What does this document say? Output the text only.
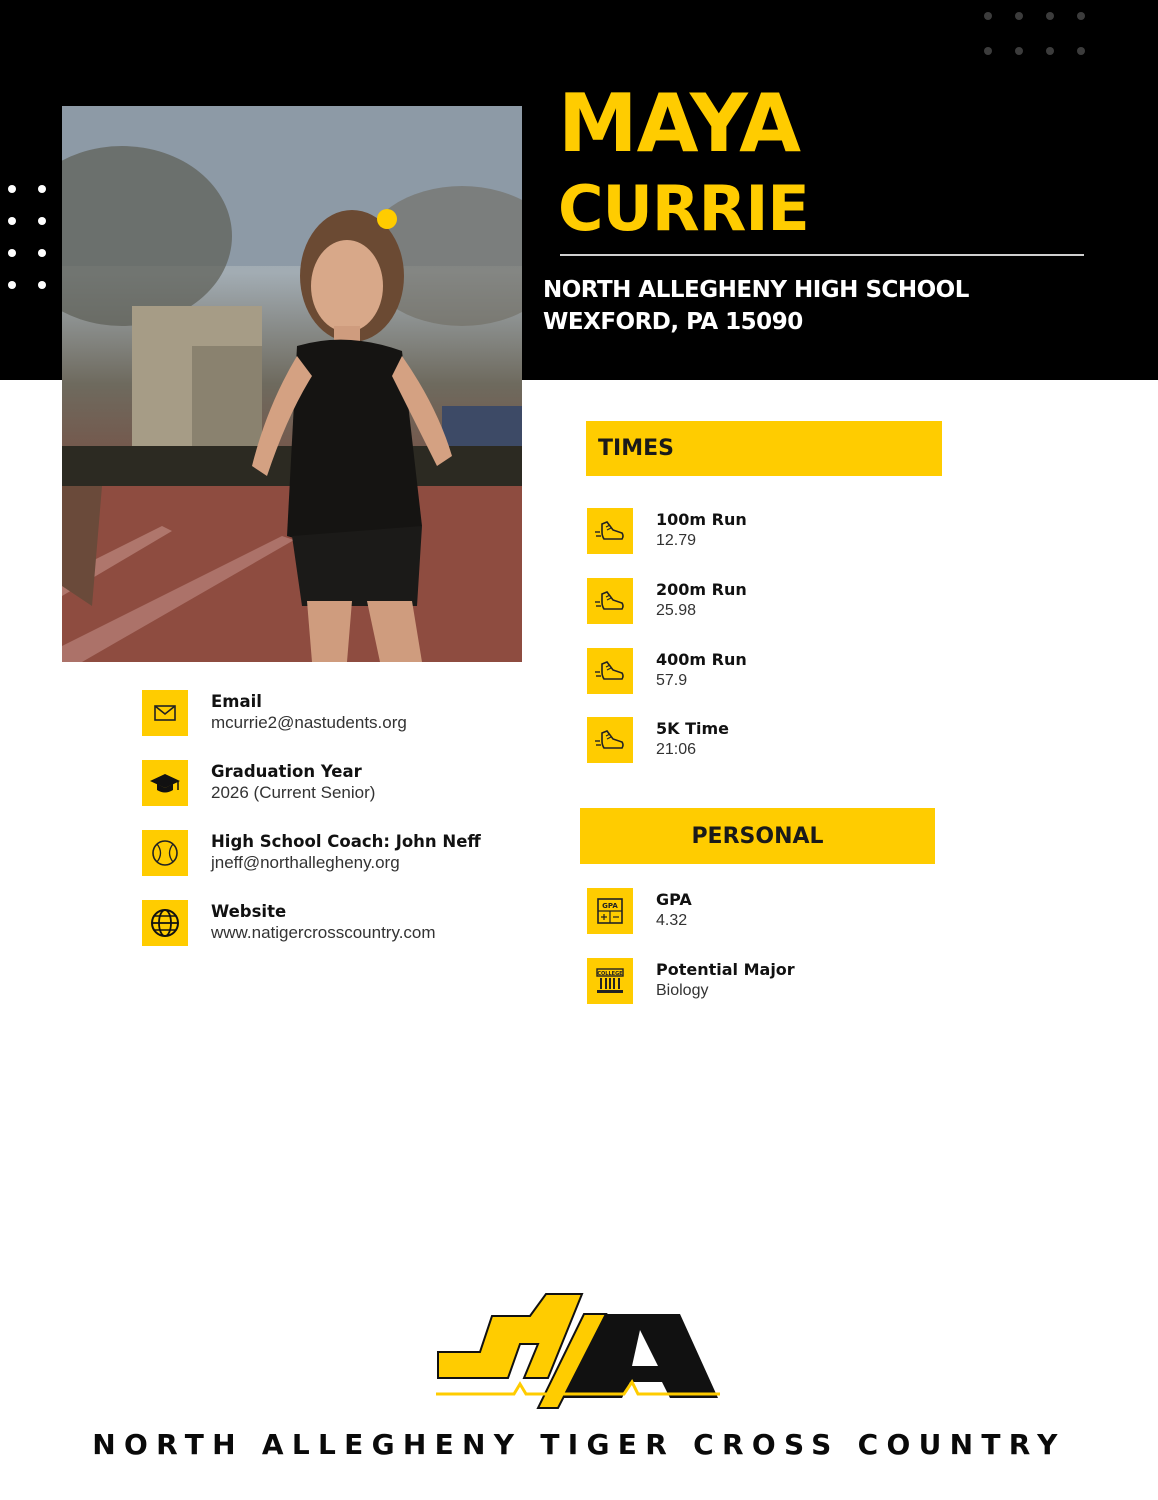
MAYA
CURRIE
NORTH ALLEGHENY HIGH SCHOOL
WEXFORD, PA 15090
Email
mcurrie2@nastudents.org
Graduation Year
2026 (Current Senior)
High School Coach: John Neff
jneff@northallegheny.org
Website
www.natigercrosscountry.com
TIMES
100m Run
12.79
200m Run
25.98
400m Run
57.9
5K Time
21:06
PERSONAL
GPA GPA
4.32
COLLEGE Potential Major
Biology
NORTH ALLEGHENY TIGER CROSS COUNTRY
